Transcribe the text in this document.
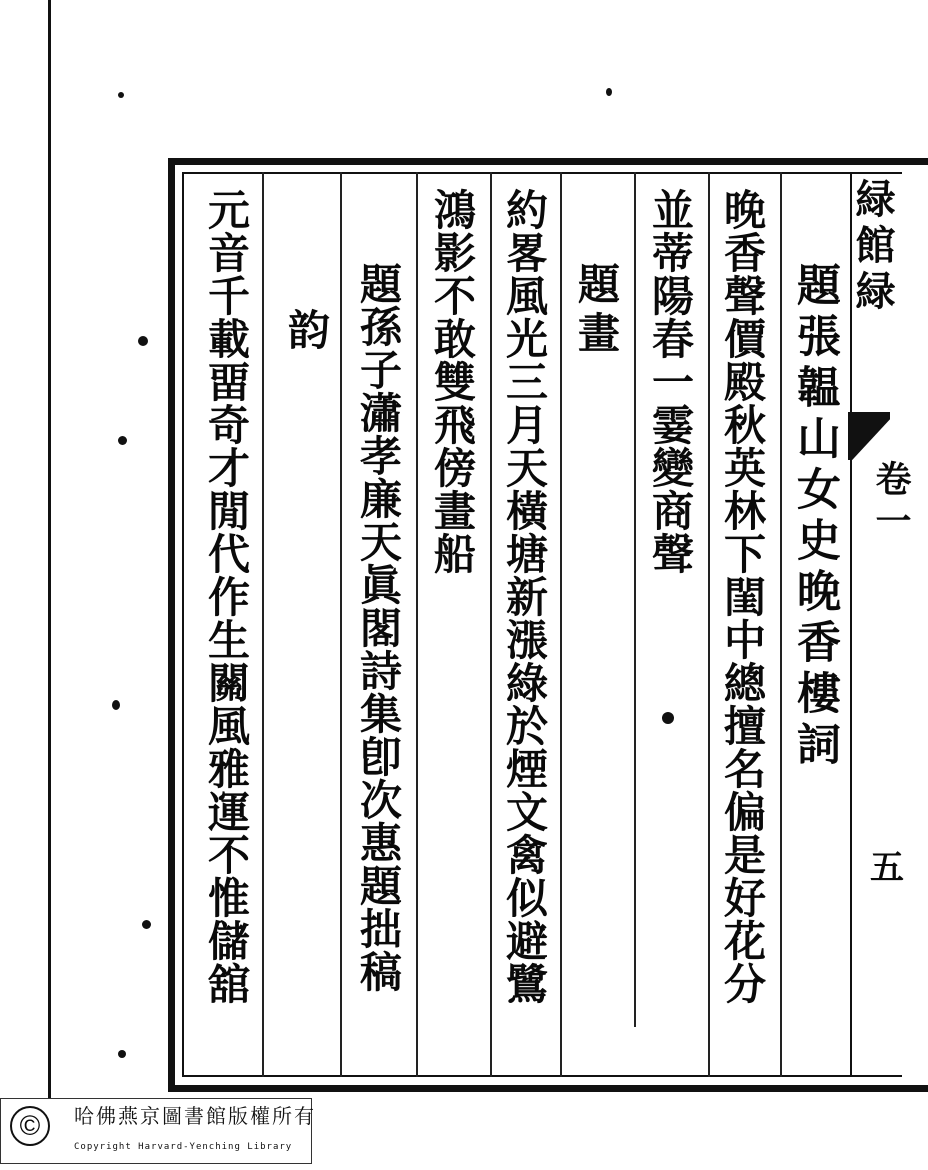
題張韞山女史晚香樓詞
晚香聲價殿秋英林下閨中總擅名偏是好花分
並蒂陽春一霎變商聲
題畫
約畧風光三月天橫塘新漲綠於煙文禽似避鷺
鴻影不敢雙飛傍畫船
題孫子瀟孝廉天眞閣詩集卽次惠題拙稿
韵
元音千載畱奇才閒代作生關風雅運不惟儲舘	緑館緑
卷一
五
©	哈佛燕京圖書館版權所有
Copyright Harvard-Yenching Library
